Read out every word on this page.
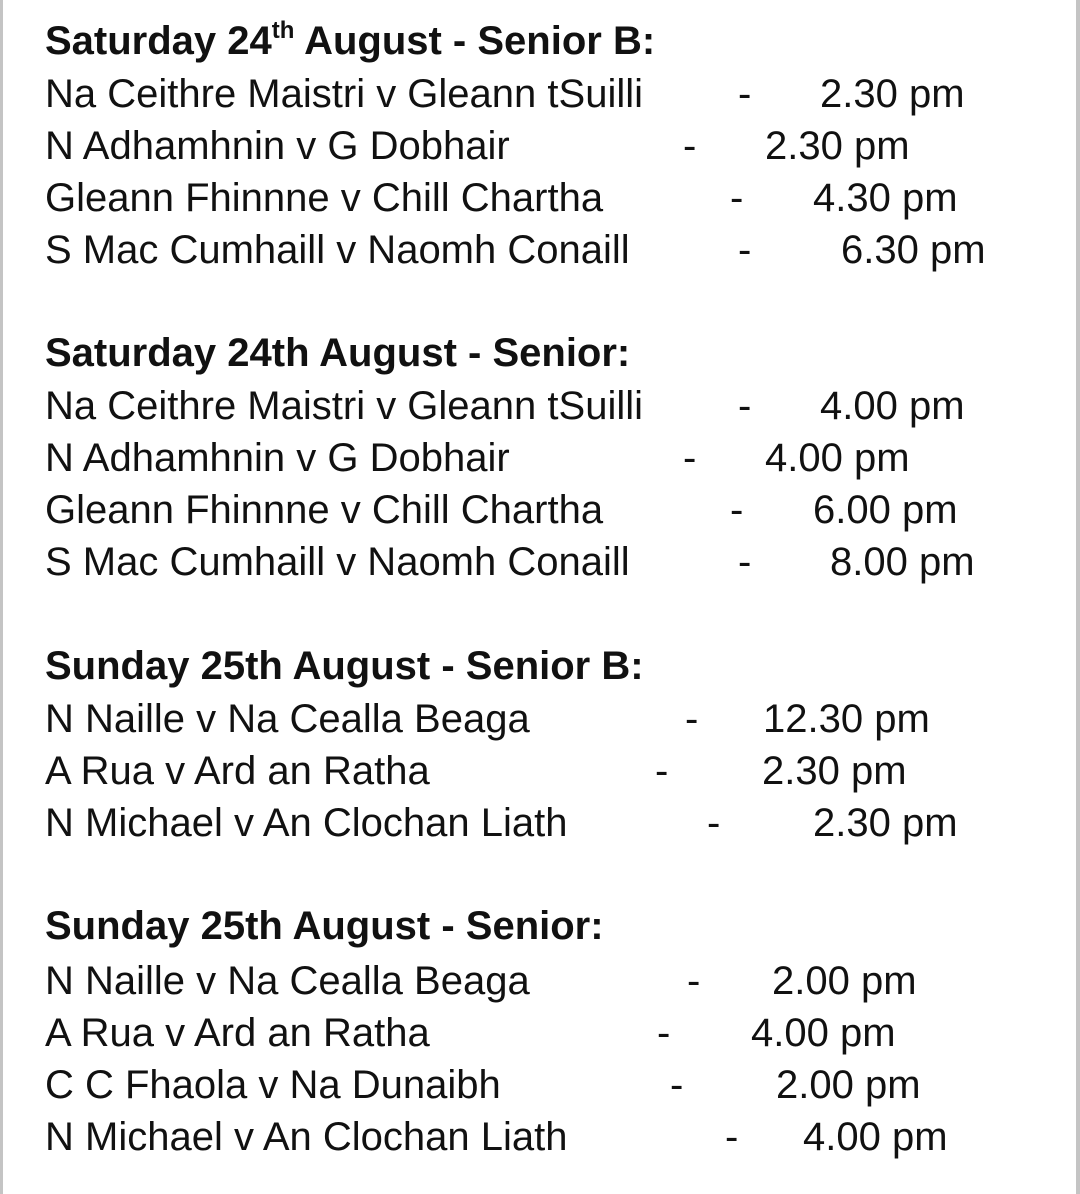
Saturday 24th August - Senior B:
Na Ceithre Maistri v Gleann tSuilli - 2.30 pm
N Adhamhnin v G Dobhair	- 2.30 pm
Gleann Fhinnne v Chill Chartha	- 4.30 pm
S Mac Cumhaill v Naomh Conaill	- 6.30 pm
Saturday 24th August - Senior:
Na Ceithre Maistri v Gleann tSuilli - 4.00 pm
N Adhamhnin v G Dobhair	- 4.00 pm
Gleann Fhinnne v Chill Chartha	- 6.00 pm
S Mac Cumhaill v Naomh Conaill	- 8.00 pm
Sunday 25th August - Senior B:
N Naille v Na Cealla Beaga	- 12.30 pm
A Rua v Ard an Ratha	- 2.30 pm
N Michael v An Clochan Liath	- 2.30 pm
Sunday 25th August - Senior:
N Naille v Na Cealla Beaga	- 2.00 pm
A Rua v Ard an Ratha	- 4.00 pm
C C Fhaola v Na Dunaibh	- 2.00 pm
N Michael v An Clochan Liath	- 4.00 pm
